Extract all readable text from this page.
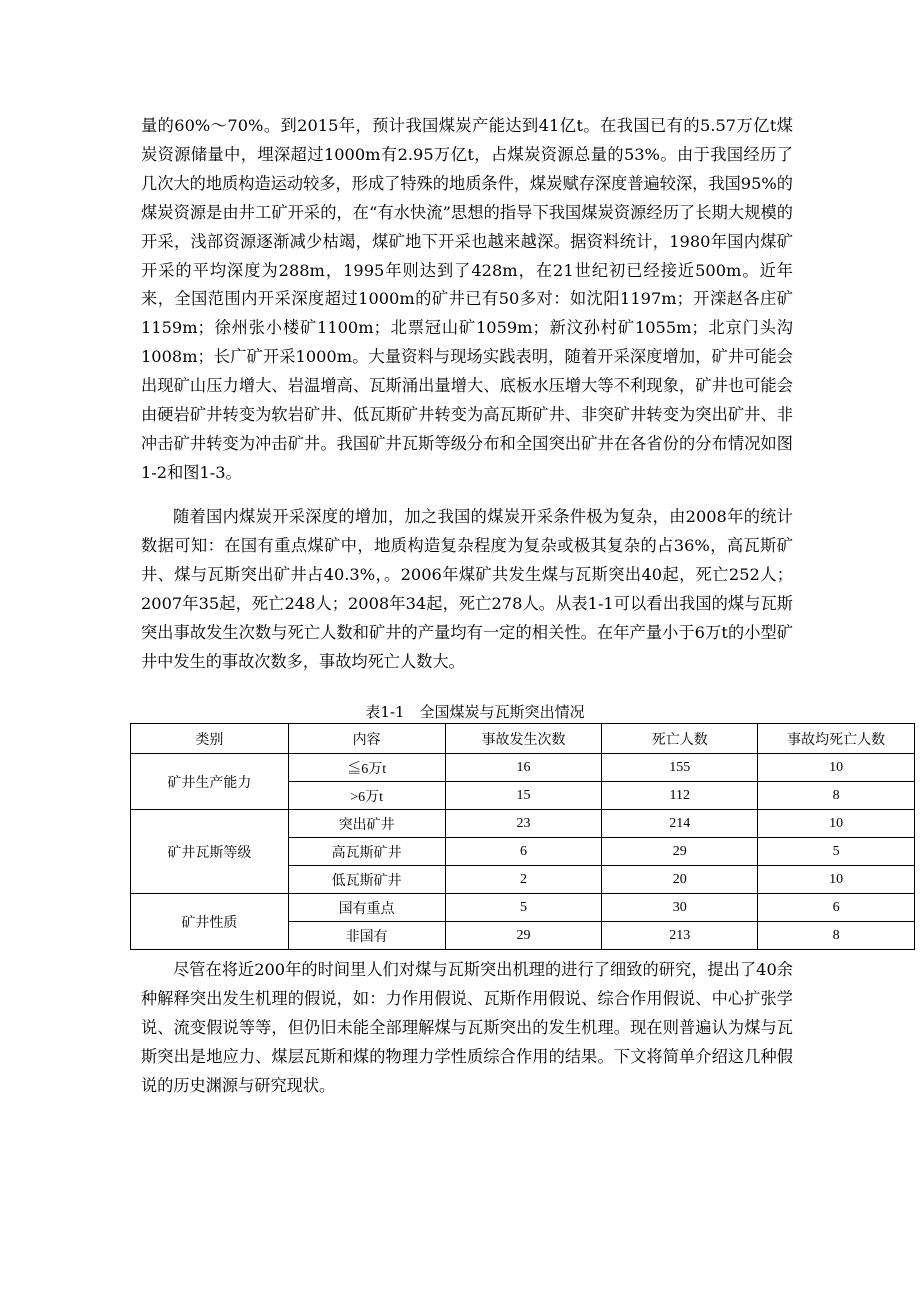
量的60%～70%。到2015年，预计我国煤炭产能达到41亿t。在我国已有的5.57万亿t煤炭资源储量中，埋深超过1000m有2.95万亿t，占煤炭资源总量的53%。由于我国经历了几次大的地质构造运动较多，形成了特殊的地质条件，煤炭赋存深度普遍较深，我国95%的煤炭资源是由井工矿开采的，在“有水快流”思想的指导下我国煤炭资源经历了长期大规模的开采，浅部资源逐渐减少枯竭，煤矿地下开采也越来越深。据资料统计，1980年国内煤矿开采的平均深度为288m，1995年则达到了428m，在21世纪初已经接近500m。近年来，全国范围内开采深度超过1000m的矿井已有50多对：如沈阳1197m；开滦赵各庄矿1159m；徐州张小楼矿1100m；北票冠山矿1059m；新汶孙村矿1055m；北京门头沟1008m；长广矿开采1000m。大量资料与现场实践表明，随着开采深度增加，矿井可能会出现矿山压力增大、岩温增高、瓦斯涌出量增大、底板水压增大等不利现象，矿井也可能会由硬岩矿井转变为软岩矿井、低瓦斯矿井转变为高瓦斯矿井、非突矿井转变为突出矿井、非冲击矿井转变为冲击矿井。我国矿井瓦斯等级分布和全国突出矿井在各省份的分布情况如图1-2和图1-3。

随着国内煤炭开采深度的增加，加之我国的煤炭开采条件极为复杂，由2008年的统计数据可知：在国有重点煤矿中，地质构造复杂程度为复杂或极其复杂的占36%，高瓦斯矿井、煤与瓦斯突出矿井占40.3%，。2006年煤矿共发生煤与瓦斯突出40起，死亡252人；2007年35起，死亡248人；2008年34起，死亡278人。从表1-1可以看出我国的煤与瓦斯突出事故发生次数与死亡人数和矿井的产量均有一定的相关性。在年产量小于6万t的小型矿井中发生的事故次数多，事故均死亡人数大。

表1-1　全国煤炭与瓦斯突出情况

类别	内容	事故发生次数	死亡人数	事故均死亡人数
矿井生产能力	≦6万t	16	155	10
	>6万t	15	112	8
矿井瓦斯等级	突出矿井	23	214	10
	高瓦斯矿井	6	29	5
	低瓦斯矿井	2	20	10
矿井性质	国有重点	5	30	6
	非国有	29	213	8

尽管在将近200年的时间里人们对煤与瓦斯突出机理的进行了细致的研究，提出了40余种解释突出发生机理的假说，如：力作用假说、瓦斯作用假说、综合作用假说、中心扩张学说、流变假说等等，但仍旧未能全部理解煤与瓦斯突出的发生机理。现在则普遍认为煤与瓦斯突出是地应力、煤层瓦斯和煤的物理力学性质综合作用的结果。下文将简单介绍这几种假说的历史渊源与研究现状。
